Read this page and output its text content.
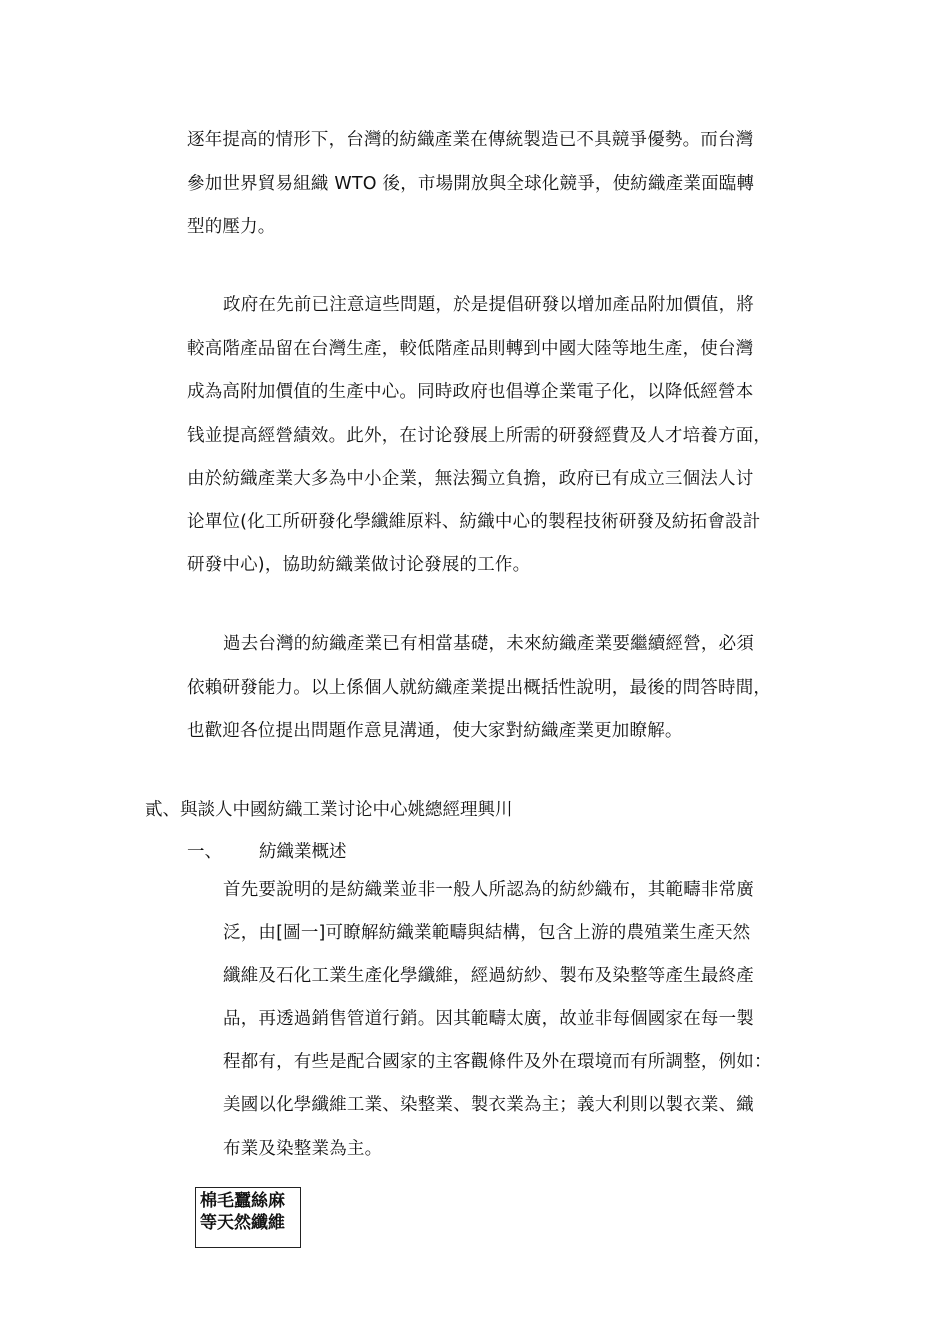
逐年提高的情形下，台灣的紡織產業在傳統製造已不具競爭優勢。而台灣
參加世界貿易組織 WTO 後，市場開放與全球化競爭，使紡織產業面臨轉
型的壓力。
政府在先前已注意這些問題，於是提倡研發以增加產品附加價值，將
較高階產品留在台灣生產，較低階產品則轉到中國大陸等地生產，使台灣
成為高附加價值的生產中心。同時政府也倡導企業電子化，以降低經營本
钱並提高經營績效。此外，在讨论發展上所需的研發經費及人才培養方面，
由於紡織產業大多為中小企業，無法獨立負擔，政府已有成立三個法人讨
论單位(化工所研發化學纖維原料、紡織中心的製程技術研發及紡拓會設計
研發中心)，協助紡織業做讨论發展的工作。
過去台灣的紡織產業已有相當基礎，未來紡織產業要繼續經營，必須
依賴研發能力。以上係個人就紡織產業提出概括性說明，最後的問答時間，
也歡迎各位提出問題作意見溝通，使大家對紡織產業更加瞭解。
貳、與談人中國紡織工業讨论中心姚總經理興川
一、 紡織業概述
首先要說明的是紡織業並非一般人所認為的紡紗織布，其範疇非常廣
泛，由[圖一]可瞭解紡織業範疇與結構，包含上游的農殖業生產天然
纖維及石化工業生產化學纖維，經過紡紗、製布及染整等產生最終產
品，再透過銷售管道行銷。因其範疇太廣，故並非每個國家在每一製
程都有，有些是配合國家的主客觀條件及外在環境而有所調整，例如：
美國以化學纖維工業、染整業、製衣業為主；義大利則以製衣業、織
布業及染整業為主。
棉毛蠶絲麻
等天然纖維
